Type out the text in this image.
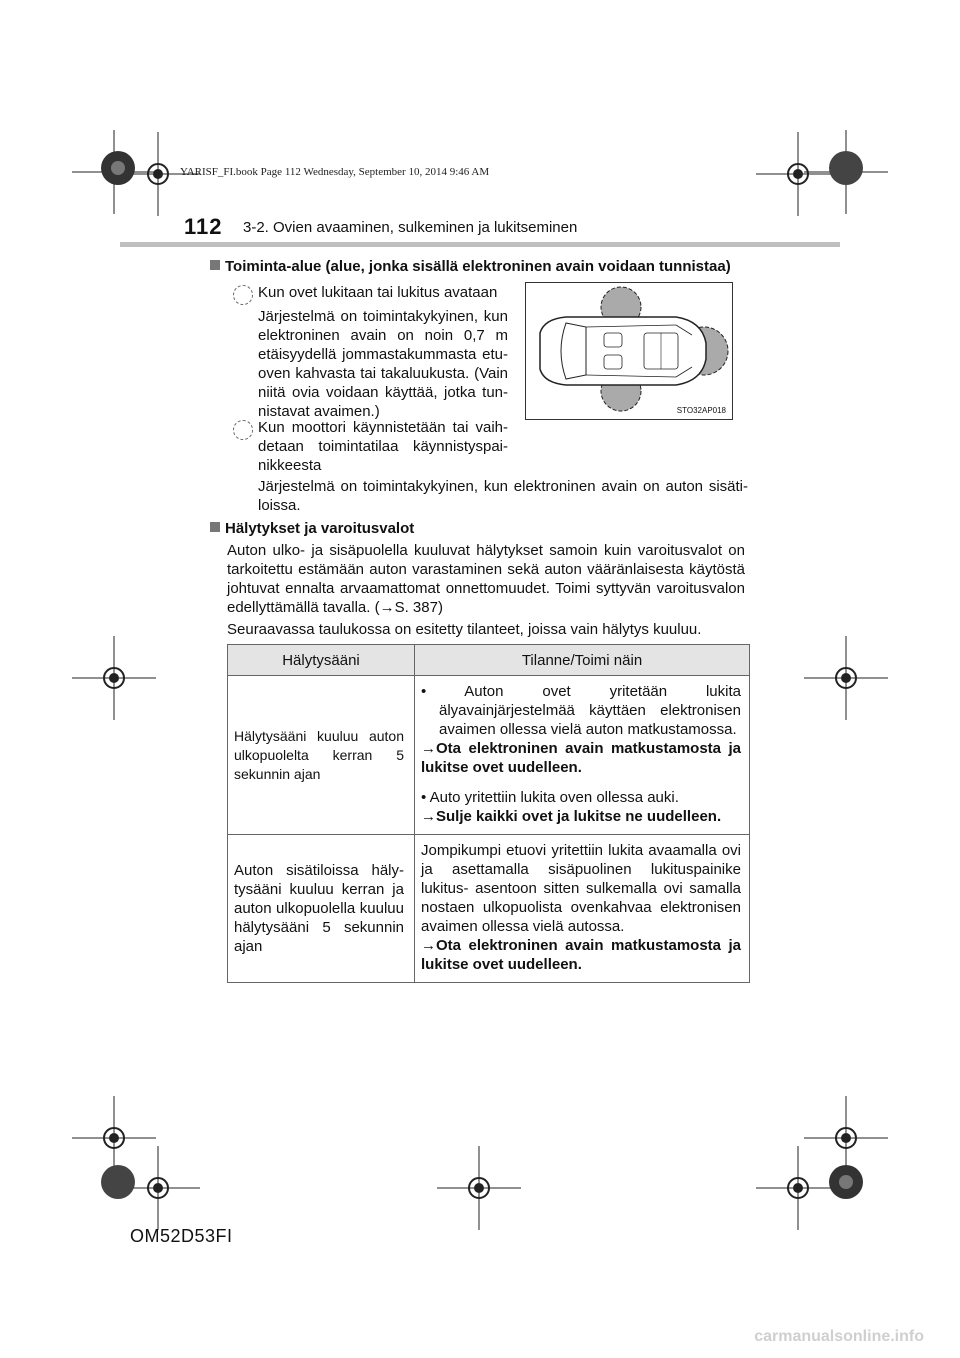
YARISF_FI.book Page 112 Wednesday, September 10, 2014 9:46 AM
112 3-2. Ovien avaaminen, sulkeminen ja lukitseminen
Toiminta-alue (alue, jonka sisällä elektroninen avain voidaan tunnistaa)
Kun ovet lukitaan tai lukitus avataan
Järjestelmä on toimintakykyinen, kun elektroninen avain on noin 0,7 m etäisyydellä jommastakummasta etu- oven kahvasta tai takaluukusta. (Vain niitä ovia voidaan käyttää, jotka tun- nistavat avaimen.)
Kun moottori käynnistetään tai vaih- detaan toimintatilaa käynnistyspai- nikkeesta
Järjestelmä on toimintakykyinen, kun elektroninen avain on auton sisäti- loissa.
STO32AP018
Hälytykset ja varoitusvalot
Auton ulko- ja sisäpuolella kuuluvat hälytykset samoin kuin varoitusvalot on tarkoitettu estämään auton varastaminen sekä auton vääränlaisesta käytöstä johtuvat ennalta arvaamattomat onnettomuudet. Toimi syttyvän varoitusvalon edellyttämällä tavalla. (→S. 387)
Seuraavassa taulukossa on esitetty tilanteet, joissa vain hälytys kuuluu.
Hälytysääni	Tilanne/Toimi näin
Hälytysääni kuuluu auton ulkopuolelta kerran 5 sekunnin ajan	• Auton ovet yritetään lukita älyavainjärjestelmää käyttäen elektronisen avaimen ollessa vielä auton matkustamossa.
→Ota elektroninen avain matkustamosta ja lukitse ovet uudelleen.
• Auto yritettiin lukita oven ollessa auki.
→Sulje kaikki ovet ja lukitse ne uudelleen.

Auton sisätiloissa häly- tysääni kuuluu kerran ja auton ulkopuolella kuuluu hälytysääni 5 sekunnin ajan	Jompikumpi etuovi yritettiin lukita avaamalla ovi ja asettamalla sisäpuolinen lukituspainike lukitus- asentoon sitten sulkemalla ovi samalla nostaen ulkopuolista ovenkahvaa elektronisen avaimen ollessa vielä autossa.
→Ota elektroninen avain matkustamosta ja lukitse ovet uudelleen.
OM52D53FI
carmanualsonline.info
